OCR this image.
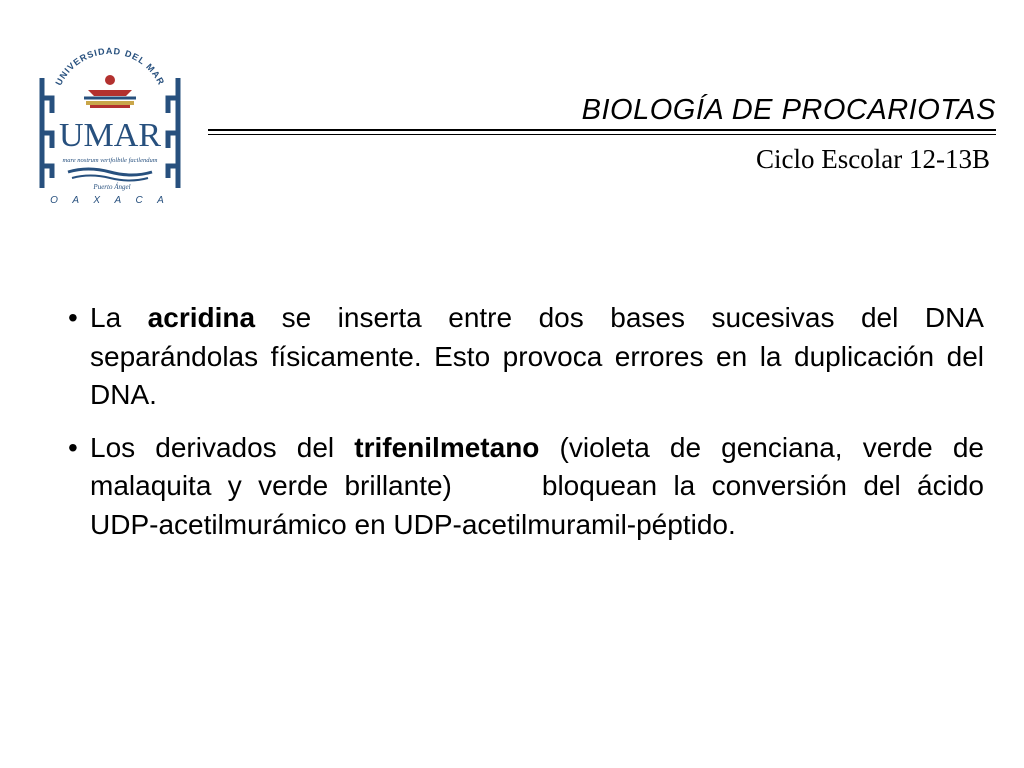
UNIVERSIDAD DEL MAR
UMAR
mare nostrum verifolbile facilendum
Puerto Ángel
O A X A C A
BIOLOGÍA DE PROCARIOTAS
Ciclo Escolar 12-13B
• La acridina se inserta entre dos bases sucesivas del DNA separándolas físicamente. Esto provoca errores en la duplicación del DNA.
• Los derivados del trifenilmetano (violeta de genciana, verde de malaquita y verde brillante)	bloquean la conversión del ácido UDP-acetilmurámico en UDP-acetilmuramil-péptido.
